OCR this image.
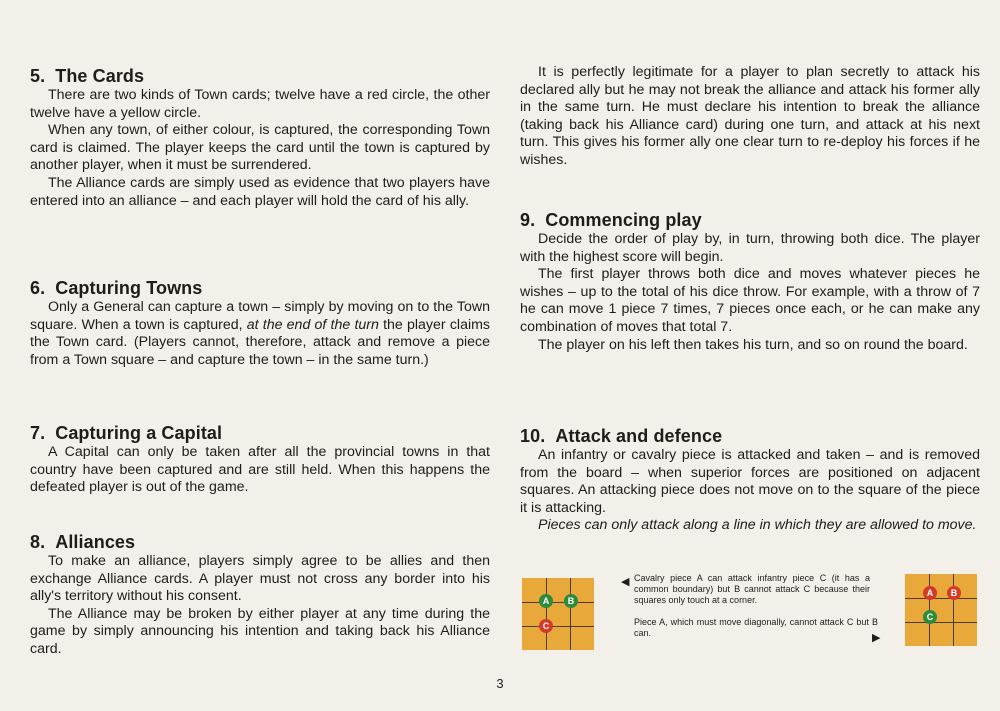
5. The Cards

There are two kinds of Town cards; twelve have a red circle, the other twelve have a yellow circle.

When any town, of either colour, is captured, the corresponding Town card is claimed. The player keeps the card until the town is captured by another player, when it must be surrendered.

The Alliance cards are simply used as evidence that two players have entered into an alliance – and each player will hold the card of his ally.

6. Capturing Towns

Only a General can capture a town – simply by moving on to the Town square. When a town is captured, at the end of the turn the player claims the Town card. (Players cannot, therefore, attack and remove a piece from a Town square – and capture the town – in the same turn.)

7. Capturing a Capital

A Capital can only be taken after all the provincial towns in that country have been captured and are still held. When this happens the defeated player is out of the game.

8. Alliances

To make an alliance, players simply agree to be allies and then exchange Alliance cards. A player must not cross any border into his ally's territory without his consent.

The Alliance may be broken by either player at any time during the game by simply announcing his intention and taking back his Alliance card.

It is perfectly legitimate for a player to plan secretly to attack his declared ally but he may not break the alliance and attack his former ally in the same turn. He must declare his intention to break the alliance (taking back his Alliance card) during one turn, and attack at his next turn. This gives his former ally one clear turn to re-deploy his forces if he wishes.

9. Commencing play

Decide the order of play by, in turn, throwing both dice. The player with the highest score will begin.

The first player throws both dice and moves whatever pieces he wishes – up to the total of his dice throw. For example, with a throw of 7 he can move 1 piece 7 times, 7 pieces once each, or he can make any combination of moves that total 7.

The player on his left then takes his turn, and so on round the board.

10. Attack and defence

An infantry or cavalry piece is attacked and taken – and is removed from the board – when superior forces are positioned on adjacent squares. An attacking piece does not move on to the square of the piece it is attacking.

Pieces can only attack along a line in which they are allowed to move.

A	B
C
◀ Cavalry piece A can attack infantry piece C (it has a common boundary) but B cannot attack C because their squares only touch at a corner.
Piece A, which must move diagonally, cannot attack C but B can.	▶
A	B
C
3
